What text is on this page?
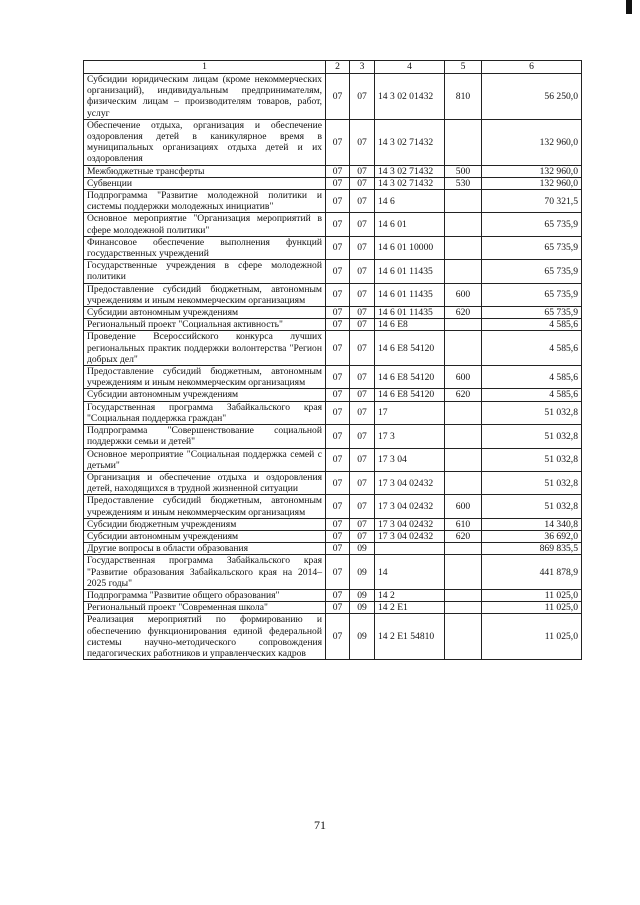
1	2	3	4	5	6
Субсидии юридическим лицам (кроме некоммерческих организаций), индивидуальным предпринимателям, физическим лицам – производителям товаров, работ, услуг	07	07	14 3 02 01432	810	56 250,0
Обеспечение отдыха, организация и обеспечение оздоровления детей в каникулярное время в муниципальных организациях отдыха детей и их оздоровления	07	07	14 3 02 71432		132 960,0
Межбюджетные трансферты	07	07	14 3 02 71432	500	132 960,0
Субвенции	07	07	14 3 02 71432	530	132 960,0
Подпрограмма "Развитие молодежной политики и системы поддержки молодежных инициатив"	07	07	14 6		70 321,5
Основное мероприятие "Организация мероприятий в сфере молодежной политики"	07	07	14 6 01		65 735,9
Финансовое обеспечение выполнения функций государственных учреждений	07	07	14 6 01 10000		65 735,9
Государственные учреждения в сфере молодежной политики	07	07	14 6 01 11435		65 735,9
Предоставление субсидий бюджетным, автономным учреждениям и иным некоммерческим организациям	07	07	14 6 01 11435	600	65 735,9
Субсидии автономным учреждениям	07	07	14 6 01 11435	620	65 735,9
Региональный проект "Социальная активность"	07	07	14 6 E8		4 585,6
Проведение Всероссийского конкурса лучших региональных практик поддержки волонтерства "Регион добрых дел"	07	07	14 6 E8 54120		4 585,6
Предоставление субсидий бюджетным, автономным учреждениям и иным некоммерческим организациям	07	07	14 6 E8 54120	600	4 585,6
Субсидии автономным учреждениям	07	07	14 6 E8 54120	620	4 585,6
Государственная программа Забайкальского края "Социальная поддержка граждан"	07	07	17		51 032,8
Подпрограмма "Совершенствование социальной поддержки семьи и детей"	07	07	17 3		51 032,8
Основное мероприятие "Социальная поддержка семей с детьми"	07	07	17 3 04		51 032,8
Организация и обеспечение отдыха и оздоровления детей, находящихся в трудной жизненной ситуации	07	07	17 3 04 02432		51 032,8
Предоставление субсидий бюджетным, автономным учреждениям и иным некоммерческим организациям	07	07	17 3 04 02432	600	51 032,8
Субсидии бюджетным учреждениям	07	07	17 3 04 02432	610	14 340,8
Субсидии автономным учреждениям	07	07	17 3 04 02432	620	36 692,0
Другие вопросы в области образования	07	09			869 835,5
Государственная программа Забайкальского края "Развитие образования Забайкальского края на 2014–2025 годы"	07	09	14		441 878,9
Подпрограмма "Развитие общего образования"	07	09	14 2		11 025,0
Региональный проект "Современная школа"	07	09	14 2 E1		11 025,0
Реализация мероприятий по формированию и обеспечению функционирования единой федеральной системы научно-методического сопровождения педагогических работников и управленческих кадров	07	09	14 2 E1 54810		11 025,0
71
